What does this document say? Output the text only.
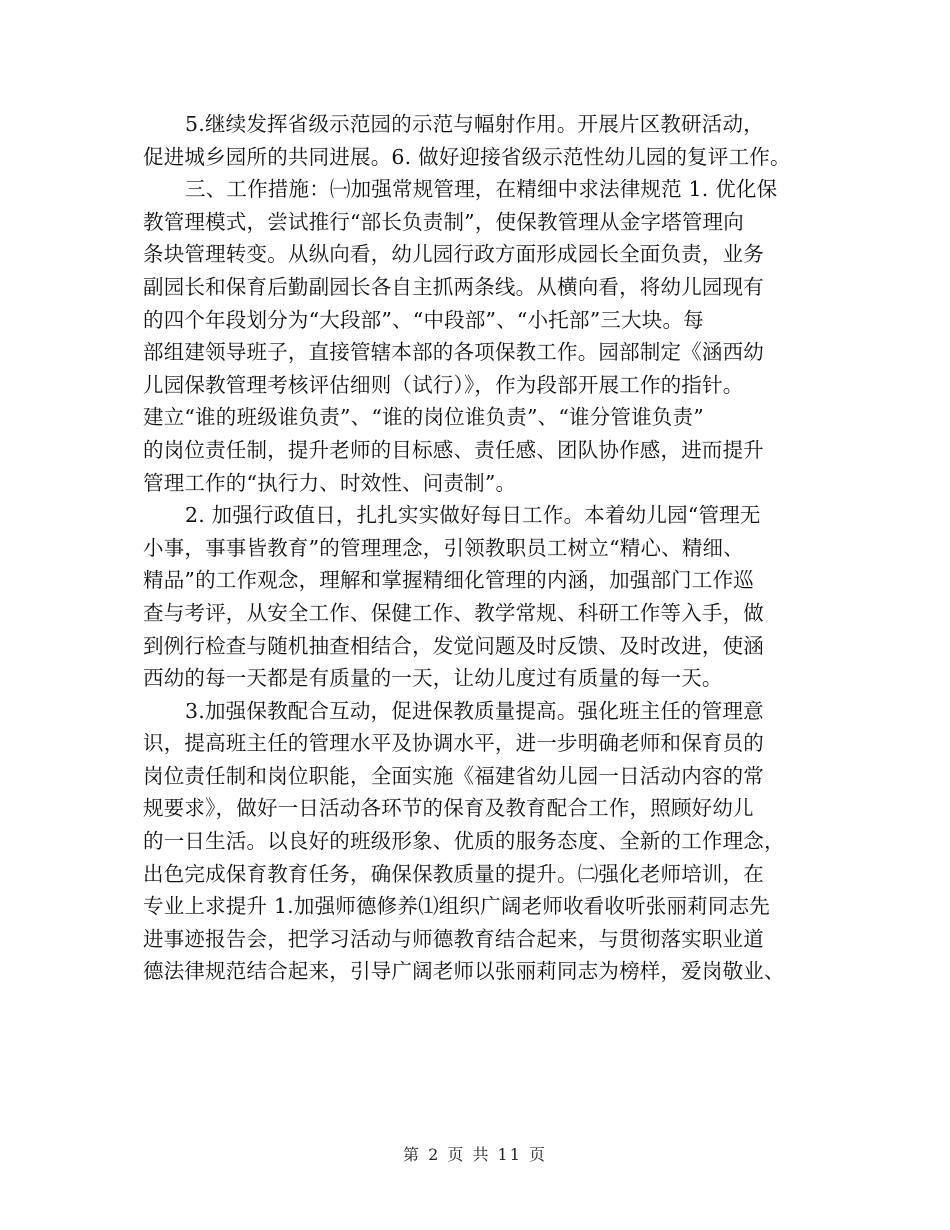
5.继续发挥省级示范园的示范与幅射作用。开展片区教研活动，
促进城乡园所的共同进展。6. 做好迎接省级示范性幼儿园的复评工作。
三、工作措施：㈠加强常规管理，在精细中求法律规范 1. 优化保
教管理模式，尝试推行“部长负责制”，使保教管理从金字塔管理向
条块管理转变。从纵向看，幼儿园行政方面形成园长全面负责，业务
副园长和保育后勤副园长各自主抓两条线。从横向看，将幼儿园现有
的四个年段划分为“大段部”、“中段部”、“小托部”三大块。每
部组建领导班子，直接管辖本部的各项保教工作。园部制定《涵西幼
儿园保教管理考核评估细则（试行）》，作为段部开展工作的指针。
建立“谁的班级谁负责”、“谁的岗位谁负责”、“谁分管谁负责”
的岗位责任制，提升老师的目标感、责任感、团队协作感，进而提升
管理工作的“执行力、时效性、问责制”。
2. 加强行政值日，扎扎实实做好每日工作。本着幼儿园“管理无
小事，事事皆教育”的管理理念，引领教职员工树立“精心、精细、
精品”的工作观念，理解和掌握精细化管理的内涵，加强部门工作巡
查与考评，从安全工作、保健工作、教学常规、科研工作等入手，做
到例行检查与随机抽查相结合，发觉问题及时反馈、及时改进，使涵
西幼的每一天都是有质量的一天，让幼儿度过有质量的每一天。
3.加强保教配合互动，促进保教质量提高。强化班主任的管理意
识，提高班主任的管理水平及协调水平，进一步明确老师和保育员的
岗位责任制和岗位职能，全面实施《福建省幼儿园一日活动内容的常
规要求》，做好一日活动各环节的保育及教育配合工作，照顾好幼儿
的一日生活。以良好的班级形象、优质的服务态度、全新的工作理念，
出色完成保育教育任务，确保保教质量的提升。㈡强化老师培训，在
专业上求提升 1.加强师德修养⑴组织广阔老师收看收听张丽莉同志先
进事迹报告会，把学习活动与师德教育结合起来，与贯彻落实职业道
德法律规范结合起来，引导广阔老师以张丽莉同志为榜样，爱岗敬业、
第 2 页 共 11 页
